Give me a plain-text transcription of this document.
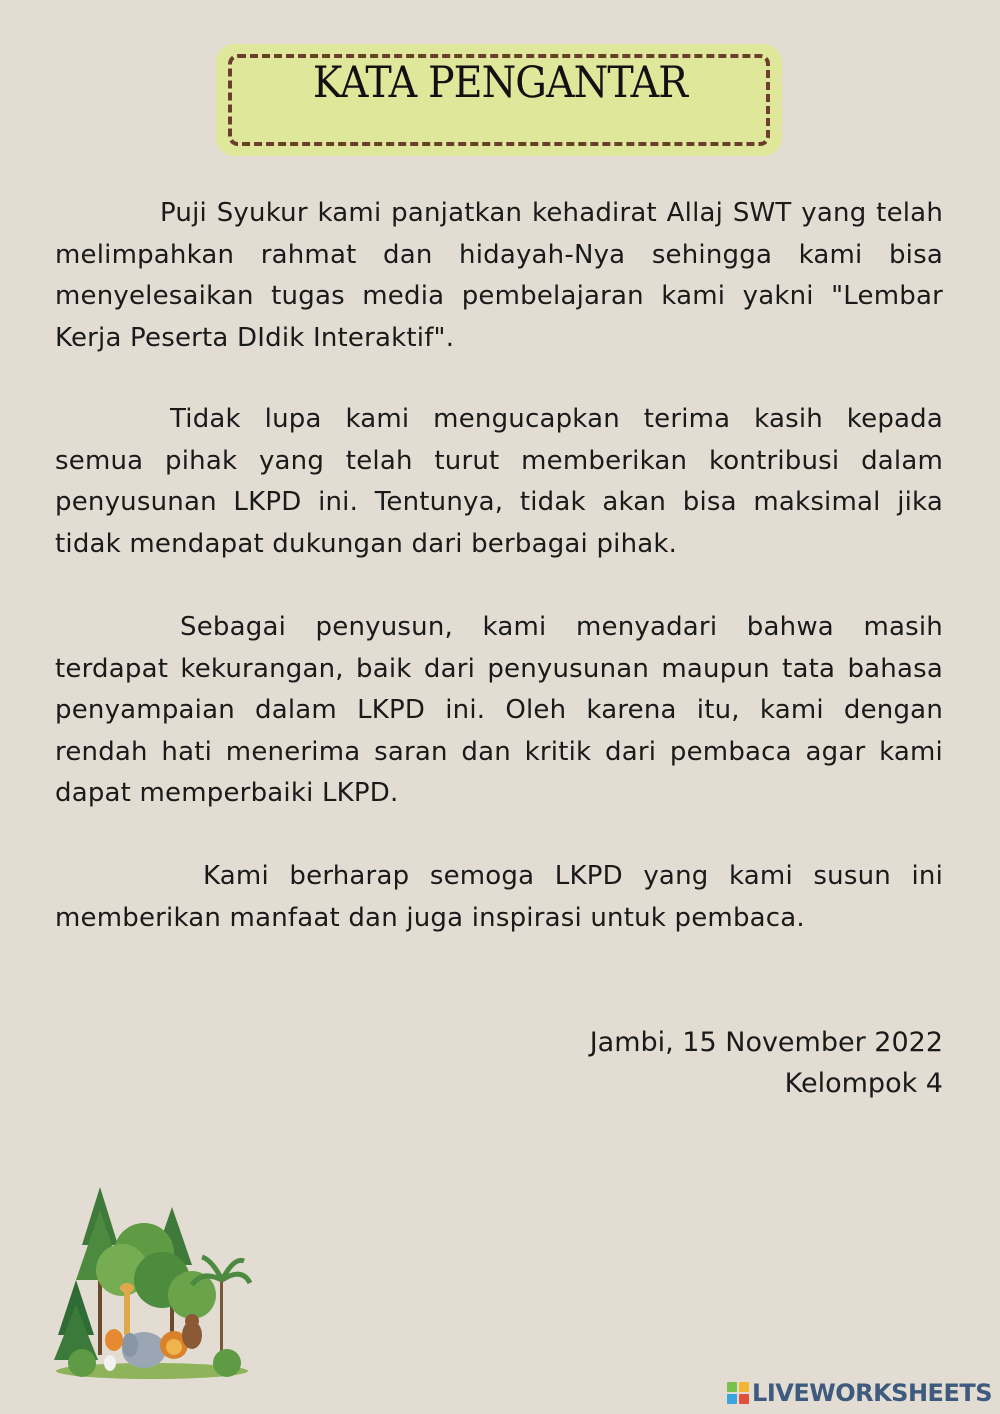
KATA PENGANTAR

Puji Syukur kami panjatkan kehadirat Allaj SWT yang telah melimpahkan rahmat dan hidayah-Nya sehingga kami bisa menyelesaikan tugas media pembelajaran kami yakni "Lembar Kerja Peserta DIdik Interaktif".

Tidak lupa kami mengucapkan terima kasih kepada semua pihak yang telah turut memberikan kontribusi dalam penyusunan LKPD ini. Tentunya, tidak akan bisa maksimal jika tidak mendapat dukungan dari berbagai pihak.

Sebagai penyusun, kami menyadari bahwa masih terdapat kekurangan, baik dari penyusunan maupun tata bahasa penyampaian dalam LKPD ini. Oleh karena itu, kami dengan rendah hati menerima saran dan kritik dari pembaca agar kami dapat memperbaiki LKPD.

Kami berharap semoga LKPD yang kami susun ini memberikan manfaat dan juga inspirasi untuk pembaca.

Jambi, 15 November 2022
Kelompok 4
LIVEWORKSHEETS
